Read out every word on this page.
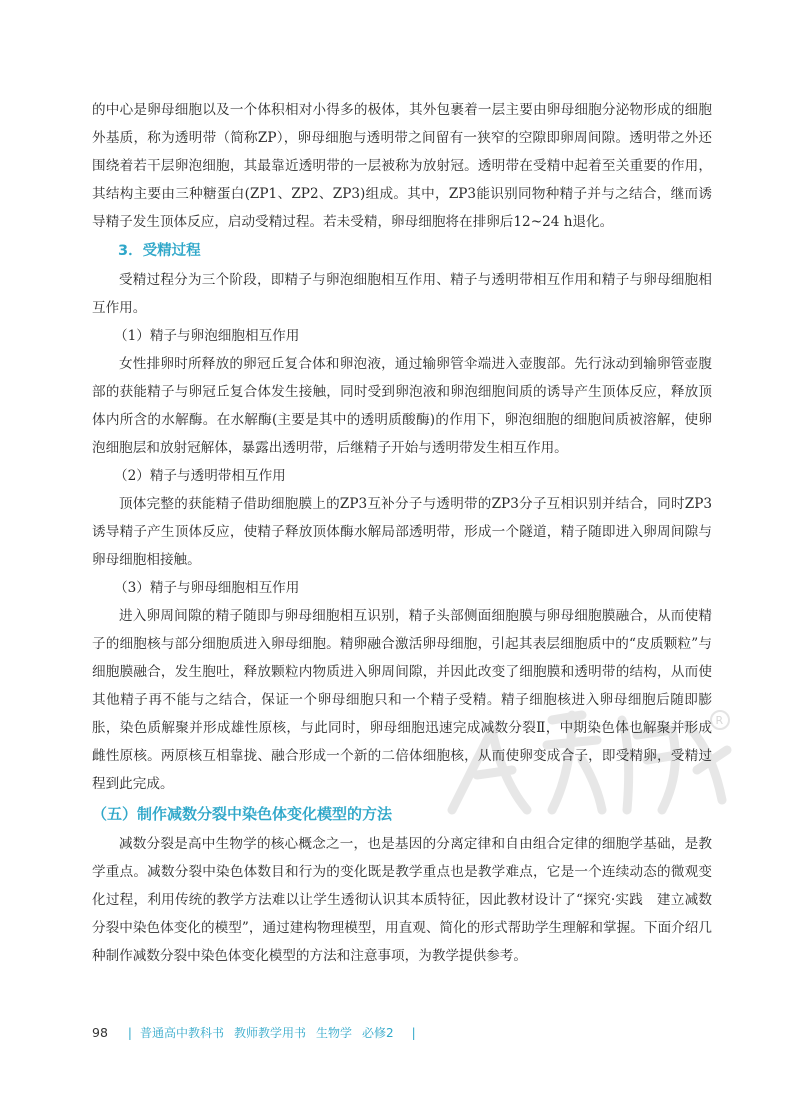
R

的中心是卵母细胞以及一个体积相对小得多的极体，其外包裹着一层主要由卵母细胞分泌物形成的细胞外基质，称为透明带（简称ZP），卵母细胞与透明带之间留有一狭窄的空隙即卵周间隙。透明带之外还围绕着若干层卵泡细胞，其最靠近透明带的一层被称为放射冠。透明带在受精中起着至关重要的作用，其结构主要由三种糖蛋白(ZP1、ZP2、ZP3)组成。其中，ZP3能识别同物种精子并与之结合，继而诱导精子发生顶体反应，启动受精过程。若未受精，卵母细胞将在排卵后12~24 h退化。

3．受精过程

受精过程分为三个阶段，即精子与卵泡细胞相互作用、精子与透明带相互作用和精子与卵母细胞相互作用。

（1）精子与卵泡细胞相互作用

女性排卵时所释放的卵冠丘复合体和卵泡液，通过输卵管伞端进入壶腹部。先行泳动到输卵管壶腹部的获能精子与卵冠丘复合体发生接触，同时受到卵泡液和卵泡细胞间质的诱导产生顶体反应，释放顶体内所含的水解酶。在水解酶(主要是其中的透明质酸酶)的作用下，卵泡细胞的细胞间质被溶解，使卵泡细胞层和放射冠解体，暴露出透明带，后继精子开始与透明带发生相互作用。

（2）精子与透明带相互作用

顶体完整的获能精子借助细胞膜上的ZP3互补分子与透明带的ZP3分子互相识别并结合，同时ZP3诱导精子产生顶体反应，使精子释放顶体酶水解局部透明带，形成一个隧道，精子随即进入卵周间隙与卵母细胞相接触。

（3）精子与卵母细胞相互作用

进入卵周间隙的精子随即与卵母细胞相互识别，精子头部侧面细胞膜与卵母细胞膜融合，从而使精子的细胞核与部分细胞质进入卵母细胞。精卵融合激活卵母细胞，引起其表层细胞质中的“皮质颗粒”与细胞膜融合，发生胞吐，释放颗粒内物质进入卵周间隙，并因此改变了细胞膜和透明带的结构，从而使其他精子再不能与之结合，保证一个卵母细胞只和一个精子受精。精子细胞核进入卵母细胞后随即膨胀，染色质解聚并形成雄性原核，与此同时，卵母细胞迅速完成减数分裂Ⅱ，中期染色体也解聚并形成雌性原核。两原核互相靠拢、融合形成一个新的二倍体细胞核，从而使卵变成合子，即受精卵，受精过程到此完成。

（五）制作减数分裂中染色体变化模型的方法

减数分裂是高中生物学的核心概念之一，也是基因的分离定律和自由组合定律的细胞学基础，是教学重点。减数分裂中染色体数目和行为的变化既是教学重点也是教学难点，它是一个连续动态的微观变化过程，利用传统的教学方法难以让学生透彻认识其本质特征，因此教材设计了“探究·实践　建立减数分裂中染色体变化的模型”，通过建构物理模型，用直观、简化的形式帮助学生理解和掌握。下面介绍几种制作减数分裂中染色体变化模型的方法和注意事项，为教学提供参考。

98 | 普通高中教科书 教师教学用书 生物学 必修2 |
